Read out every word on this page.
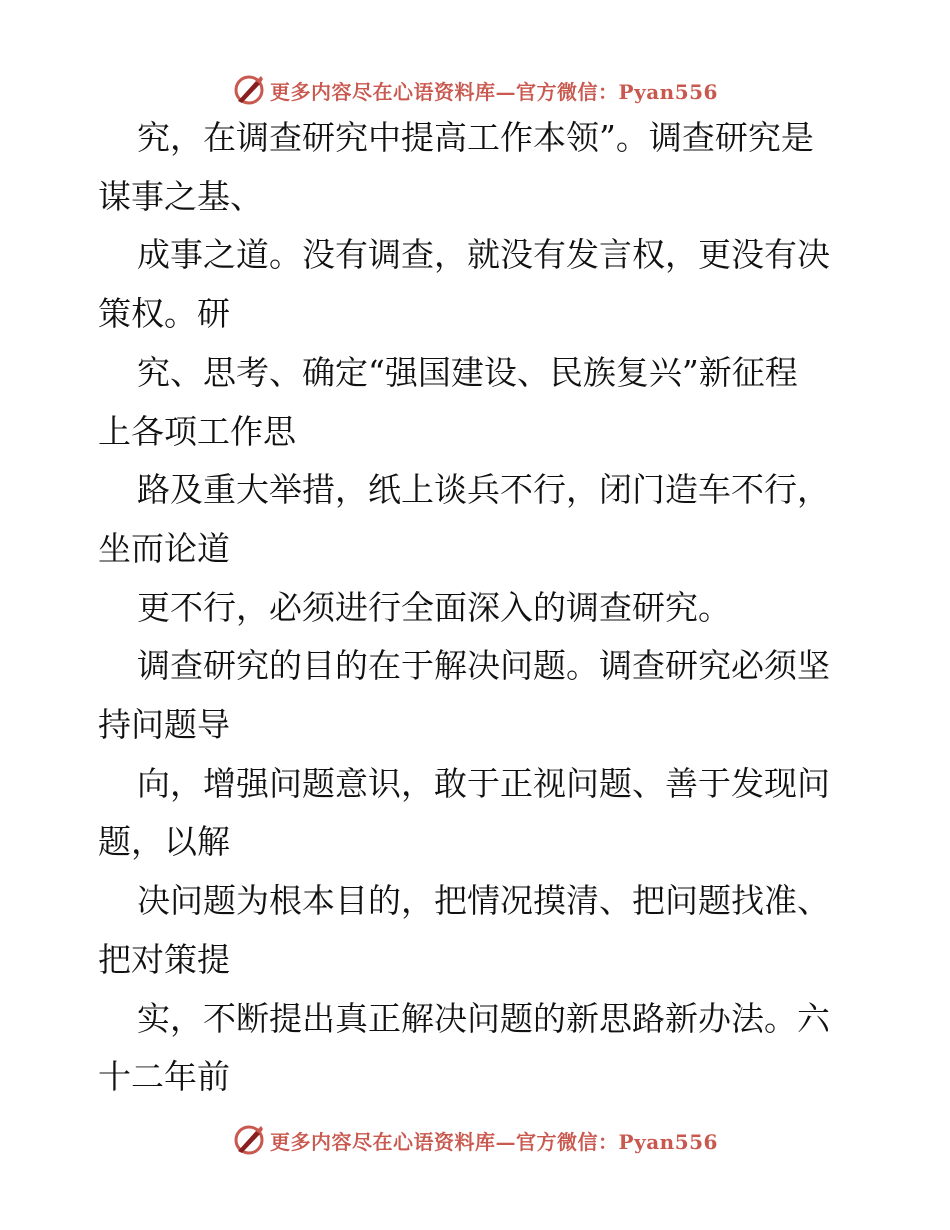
更多内容尽在心语资料库—官方微信：Pyan556
究，在调查研究中提高工作本领”。调查研究是
谋事之基、
成事之道。没有调查，就没有发言权，更没有决
策权。研
究、思考、确定“强国建设、民族复兴”新征程
上各项工作思
路及重大举措，纸上谈兵不行，闭门造车不行，
坐而论道
更不行，必须进行全面深入的调查研究。
调查研究的目的在于解决问题。调查研究必须坚
持问题导
向，增强问题意识，敢于正视问题、善于发现问
题，以解
决问题为根本目的，把情况摸清、把问题找准、
把对策提
实，不断提出真正解决问题的新思路新办法。六
十二年前
更多内容尽在心语资料库—官方微信：Pyan556
